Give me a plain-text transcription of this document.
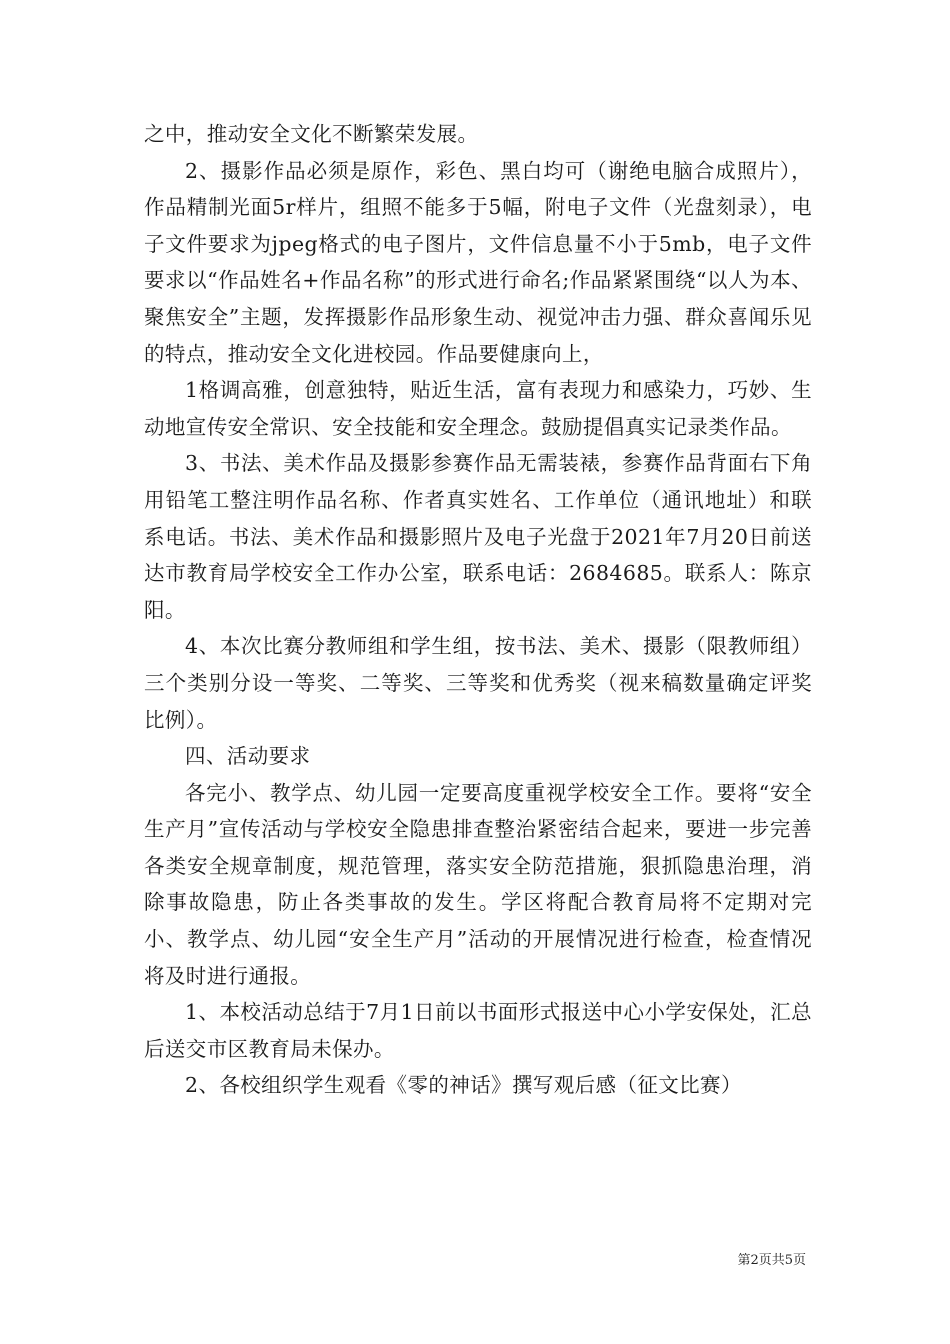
之中，推动安全文化不断繁荣发展。

2、摄影作品必须是原作，彩色、黑白均可（谢绝电脑合成照片），作品精制光面5r样片，组照不能多于5幅，附电子文件（光盘刻录），电子文件要求为jpeg格式的电子图片，文件信息量不小于5mb，电子文件要求以“作品姓名+作品名称”的形式进行命名;作品紧紧围绕“以人为本、聚焦安全”主题，发挥摄影作品形象生动、视觉冲击力强、群众喜闻乐见的特点，推动安全文化进校园。作品要健康向上，

1格调高雅，创意独特，贴近生活，富有表现力和感染力，巧妙、生动地宣传安全常识、安全技能和安全理念。鼓励提倡真实记录类作品。

3、书法、美术作品及摄影参赛作品无需装裱，参赛作品背面右下角用铅笔工整注明作品名称、作者真实姓名、工作单位（通讯地址）和联系电话。书法、美术作品和摄影照片及电子光盘于2021年7月20日前送达市教育局学校安全工作办公室，联系电话：2684685。联系人：陈京阳。

4、本次比赛分教师组和学生组，按书法、美术、摄影（限教师组）三个类别分设一等奖、二等奖、三等奖和优秀奖（视来稿数量确定评奖比例）。

四、活动要求

各完小、教学点、幼儿园一定要高度重视学校安全工作。要将“安全生产月”宣传活动与学校安全隐患排查整治紧密结合起来，要进一步完善各类安全规章制度，规范管理，落实安全防范措施，狠抓隐患治理，消除事故隐患，防止各类事故的发生。学区将配合教育局将不定期对完小、教学点、幼儿园“安全生产月”活动的开展情况进行检查，检查情况将及时进行通报。

1、本校活动总结于7月1日前以书面形式报送中心小学安保处，汇总后送交市区教育局未保办。

2、各校组织学生观看《零的神话》撰写观后感（征文比赛）

第2页共5页
